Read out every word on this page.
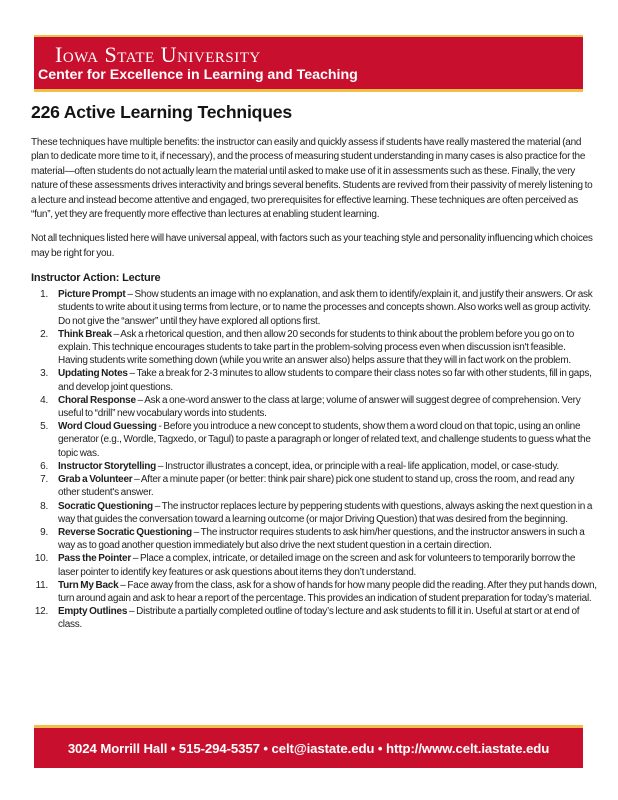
Iowa State University
Center for Excellence in Learning and Teaching
226 Active Learning Techniques

These techniques have multiple benefits: the instructor can easily and quickly assess if students have really mastered the material (and plan to dedicate more time to it, if necessary), and the process of measuring student understanding in many cases is also practice for the material—often students do not actually learn the material until asked to make use of it in assessments such as these. Finally, the very nature of these assessments drives interactivity and brings several benefits. Students are revived from their passivity of merely listening to a lecture and instead become attentive and engaged, two prerequisites for effective learning. These techniques are often perceived as “fun”, yet they are frequently more effective than lectures at enabling student learning.

Not all techniques listed here will have universal appeal, with factors such as your teaching style and personality influencing which choices may be right for you.

Instructor Action: Lecture
1. Picture Prompt – Show students an image with no explanation, and ask them to identify/explain it, and justify their answers. Or ask students to write about it using terms from lecture, or to name the processes and concepts shown. Also works well as group activity. Do not give the “answer” until they have explored all options first.
2. Think Break – Ask a rhetorical question, and then allow 20 seconds for students to think about the problem before you go on to explain. This technique encourages students to take part in the problem-solving process even when discussion isn't feasible. Having students write something down (while you write an answer also) helps assure that they will in fact work on the problem.
3. Updating Notes – Take a break for 2-3 minutes to allow students to compare their class notes so far with other students, fill in gaps, and develop joint questions.
4. Choral Response – Ask a one-word answer to the class at large; volume of answer will suggest degree of comprehension. Very useful to “drill” new vocabulary words into students.
5. Word Cloud Guessing - Before you introduce a new concept to students, show them a word cloud on that topic, using an online generator (e.g., Wordle, Tagxedo, or Tagul) to paste a paragraph or longer of related text, and challenge students to guess what the topic was.
6. Instructor Storytelling – Instructor illustrates a concept, idea, or principle with a real- life application, model, or case-study.
7. Grab a Volunteer – After a minute paper (or better: think pair share) pick one student to stand up, cross the room, and read any other student's answer.
8. Socratic Questioning – The instructor replaces lecture by peppering students with questions, always asking the next question in a way that guides the conversation toward a learning outcome (or major Driving Question) that was desired from the beginning.
9. Reverse Socratic Questioning – The instructor requires students to ask him/her questions, and the instructor answers in such a way as to goad another question immediately but also drive the next student question in a certain direction.
10. Pass the Pointer – Place a complex, intricate, or detailed image on the screen and ask for volunteers to temporarily borrow the laser pointer to identify key features or ask questions about items they don’t understand.
11. Turn My Back – Face away from the class, ask for a show of hands for how many people did the reading. After they put hands down, turn around again and ask to hear a report of the percentage. This provides an indication of student preparation for today’s material.
12. Empty Outlines – Distribute a partially completed outline of today’s lecture and ask students to fill it in. Useful at start or at end of class.
3024 Morrill Hall • 515-294-5357 • celt@iastate.edu • http://www.celt.iastate.edu
